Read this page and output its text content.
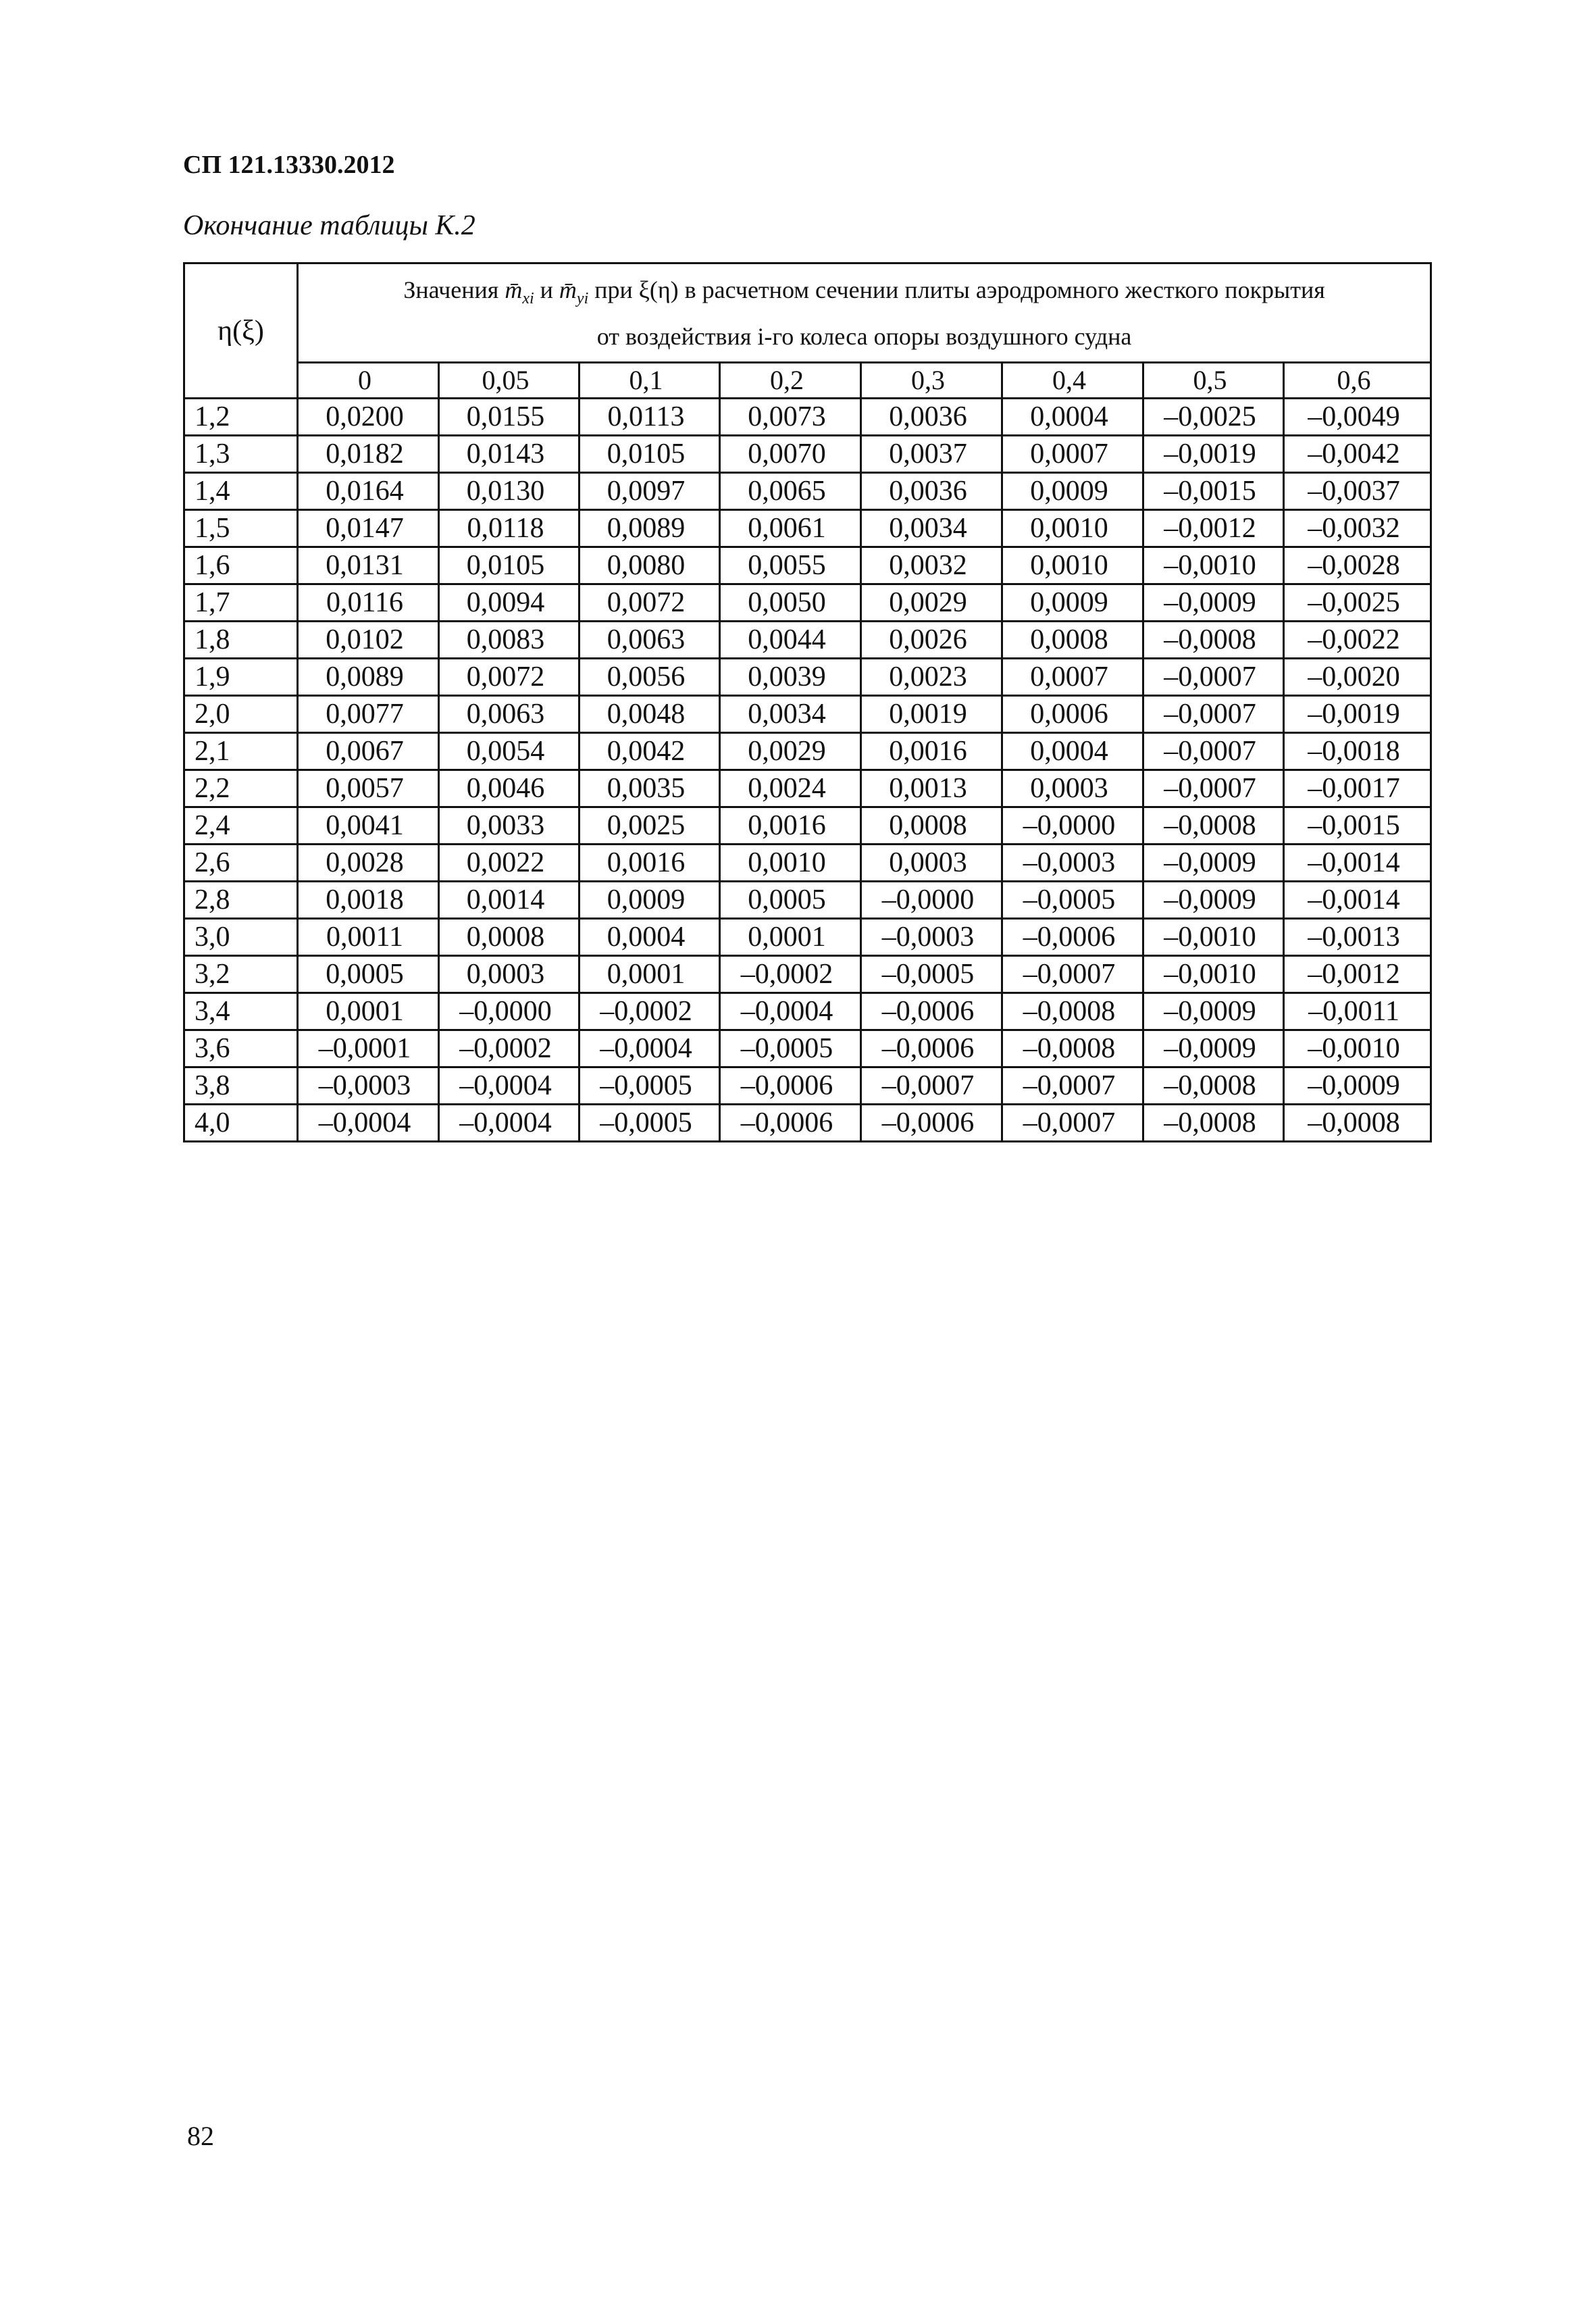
СП 121.13330.2012
Окончание таблицы К.2
η(ξ)	Значения $m̄_{xi}$ и $m̄_{yi}$ при ξ(η) в расчетном сечении плиты аэродромного жесткого покрытия
от воздействия i-го колеса опоры воздушного судна							
	0	0,05	0,1	0,2	0,3	0,4	0,5	0,6
1,2	0,0200	0,0155	0,0113	0,0073	0,0036	0,0004	–0,0025	–0,0049
1,3	0,0182	0,0143	0,0105	0,0070	0,0037	0,0007	–0,0019	–0,0042
1,4	0,0164	0,0130	0,0097	0,0065	0,0036	0,0009	–0,0015	–0,0037
1,5	0,0147	0,0118	0,0089	0,0061	0,0034	0,0010	–0,0012	–0,0032
1,6	0,0131	0,0105	0,0080	0,0055	0,0032	0,0010	–0,0010	–0,0028
1,7	0,0116	0,0094	0,0072	0,0050	0,0029	0,0009	–0,0009	–0,0025
1,8	0,0102	0,0083	0,0063	0,0044	0,0026	0,0008	–0,0008	–0,0022
1,9	0,0089	0,0072	0,0056	0,0039	0,0023	0,0007	–0,0007	–0,0020
2,0	0,0077	0,0063	0,0048	0,0034	0,0019	0,0006	–0,0007	–0,0019
2,1	0,0067	0,0054	0,0042	0,0029	0,0016	0,0004	–0,0007	–0,0018
2,2	0,0057	0,0046	0,0035	0,0024	0,0013	0,0003	–0,0007	–0,0017
2,4	0,0041	0,0033	0,0025	0,0016	0,0008	–0,0000	–0,0008	–0,0015
2,6	0,0028	0,0022	0,0016	0,0010	0,0003	–0,0003	–0,0009	–0,0014
2,8	0,0018	0,0014	0,0009	0,0005	–0,0000	–0,0005	–0,0009	–0,0014
3,0	0,0011	0,0008	0,0004	0,0001	–0,0003	–0,0006	–0,0010	–0,0013
3,2	0,0005	0,0003	0,0001	–0,0002	–0,0005	–0,0007	–0,0010	–0,0012
3,4	0,0001	–0,0000	–0,0002	–0,0004	–0,0006	–0,0008	–0,0009	–0,0011
3,6	–0,0001	–0,0002	–0,0004	–0,0005	–0,0006	–0,0008	–0,0009	–0,0010
3,8	–0,0003	–0,0004	–0,0005	–0,0006	–0,0007	–0,0007	–0,0008	–0,0009
4,0	–0,0004	–0,0004	–0,0005	–0,0006	–0,0006	–0,0007	–0,0008	–0,0008
82
